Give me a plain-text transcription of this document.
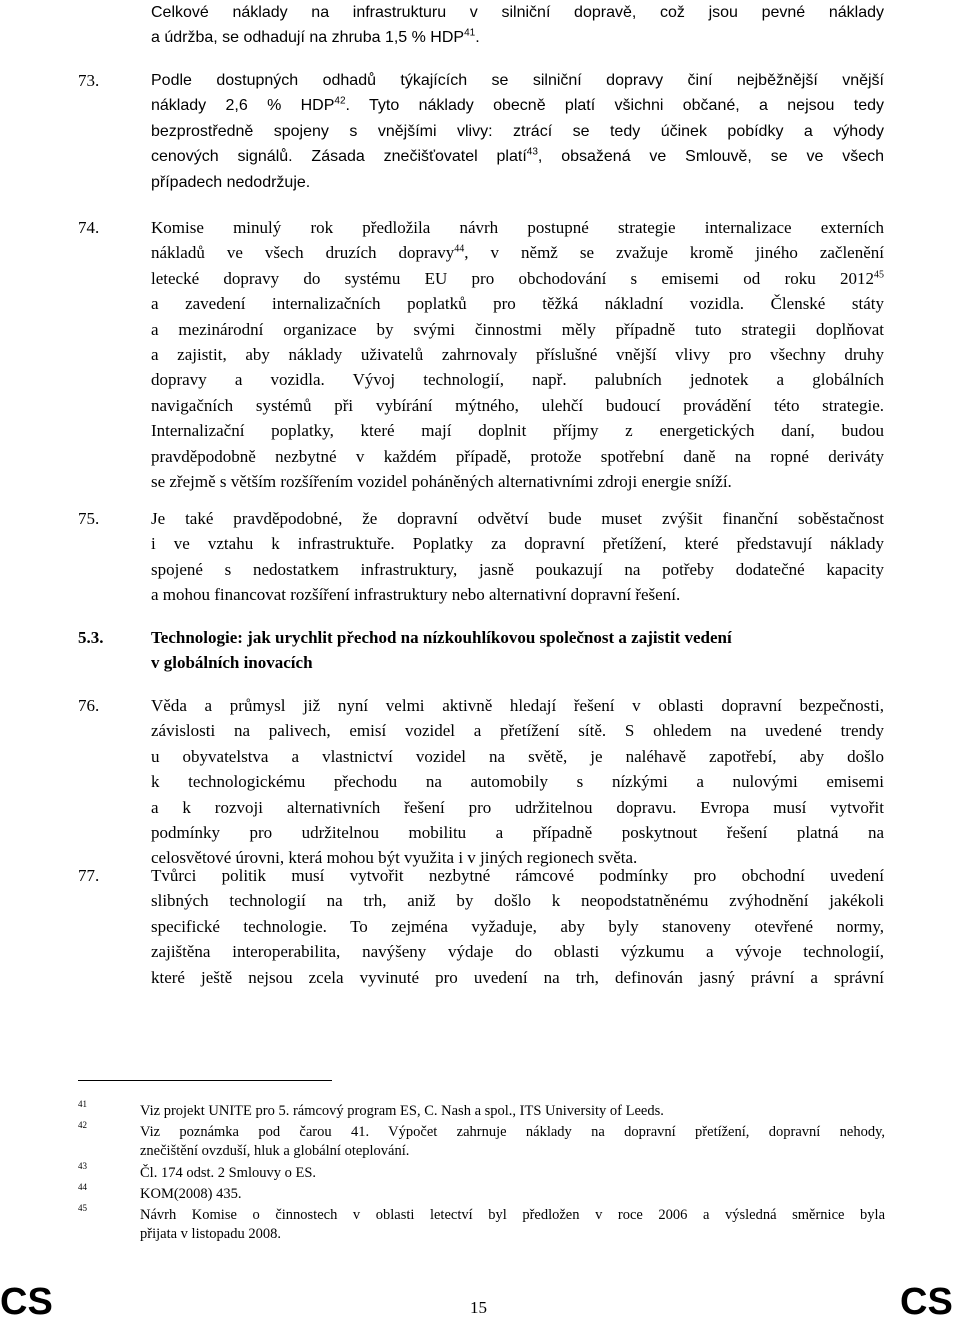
Celkové náklady na infrastrukturu v silniční dopravě, což jsou pevné náklady
a údržba, se odhadují na zhruba 1,5 % HDP$^{41}$.
73.	Podle dostupných odhadů týkajících se silniční dopravy činí nejběžnější vnější
náklady 2,6 % HDP$^{42}$. Tyto náklady obecně platí všichni občané, a nejsou tedy
bezprostředně spojeny s vnějšími vlivy: ztrácí se tedy účinek pobídky a výhody
cenových signálů. Zásada znečišťovatel platí$^{43}$, obsažená ve Smlouvě, se ve všech
případech nedodržuje.
74.	Komise minulý rok předložila návrh postupné strategie internalizace externích
nákladů ve všech druzích dopravy$^{44}$, v němž se zvažuje kromě jiného začlenění
letecké dopravy do systému EU pro obchodování s emisemi od roku 2012$^{45}$
a zavedení internalizačních poplatků pro těžká nákladní vozidla. Členské státy
a mezinárodní organizace by svými činnostmi měly případně tuto strategii doplňovat
a zajistit, aby náklady uživatelů zahrnovaly příslušné vnější vlivy pro všechny druhy
dopravy a vozidla. Vývoj technologií, např. palubních jednotek a globálních
navigačních systémů při vybírání mýtného, ulehčí budoucí provádění této strategie.
Internalizační poplatky, které mají doplnit příjmy z energetických daní, budou
pravděpodobně nezbytné v každém případě, protože spotřební daně na ropné deriváty
se zřejmě s větším rozšířením vozidel poháněných alternativními zdroji energie sníží.
75.	Je také pravděpodobné, že dopravní odvětví bude muset zvýšit finanční soběstačnost
i ve vztahu k infrastruktuře. Poplatky za dopravní přetížení, které představují náklady
spojené s nedostatkem infrastruktury, jasně poukazují na potřeby dodatečné kapacity
a mohou financovat rozšíření infrastruktury nebo alternativní dopravní řešení.
5.3.	Technologie: jak urychlit přechod na nízkouhlíkovou společnost a zajistit vedení
v globálních inovacích
76.	Věda a průmysl již nyní velmi aktivně hledají řešení v oblasti dopravní bezpečnosti,
závislosti na palivech, emisí vozidel a přetížení sítě. S ohledem na uvedené trendy
u obyvatelstva a vlastnictví vozidel na světě, je naléhavě zapotřebí, aby došlo
k technologickému přechodu na automobily s nízkými a nulovými emisemi
a k rozvoji alternativních řešení pro udržitelnou dopravu. Evropa musí vytvořit
podmínky pro udržitelnou mobilitu a případně poskytnout řešení platná na
celosvětové úrovni, která mohou být využita i v jiných regionech světa.
77.	Tvůrci politik musí vytvořit nezbytné rámcové podmínky pro obchodní uvedení
slibných technologií na trh, aniž by došlo k neopodstatněnému zvýhodnění jakékoli
specifické technologie. To zejména vyžaduje, aby byly stanoveny otevřené normy,
zajištěna interoperabilita, navýšeny výdaje do oblasti výzkumu a vývoje technologií,
které ještě nejsou zcela vyvinuté pro uvedení na trh, definován jasný právní a správní
41	Viz projekt UNITE pro 5. rámcový program ES, C. Nash a spol., ITS University of Leeds.
42	Viz poznámka pod čarou 41. Výpočet zahrnuje náklady na dopravní přetížení, dopravní nehody,
znečištění ovzduší, hluk a globální oteplování.
43	Čl. 174 odst. 2 Smlouvy o ES.
44	KOM(2008) 435.
45	Návrh Komise o činnostech v oblasti letectví byl předložen v roce 2006 a výsledná směrnice byla
přijata v listopadu 2008.
CS	15	CS
